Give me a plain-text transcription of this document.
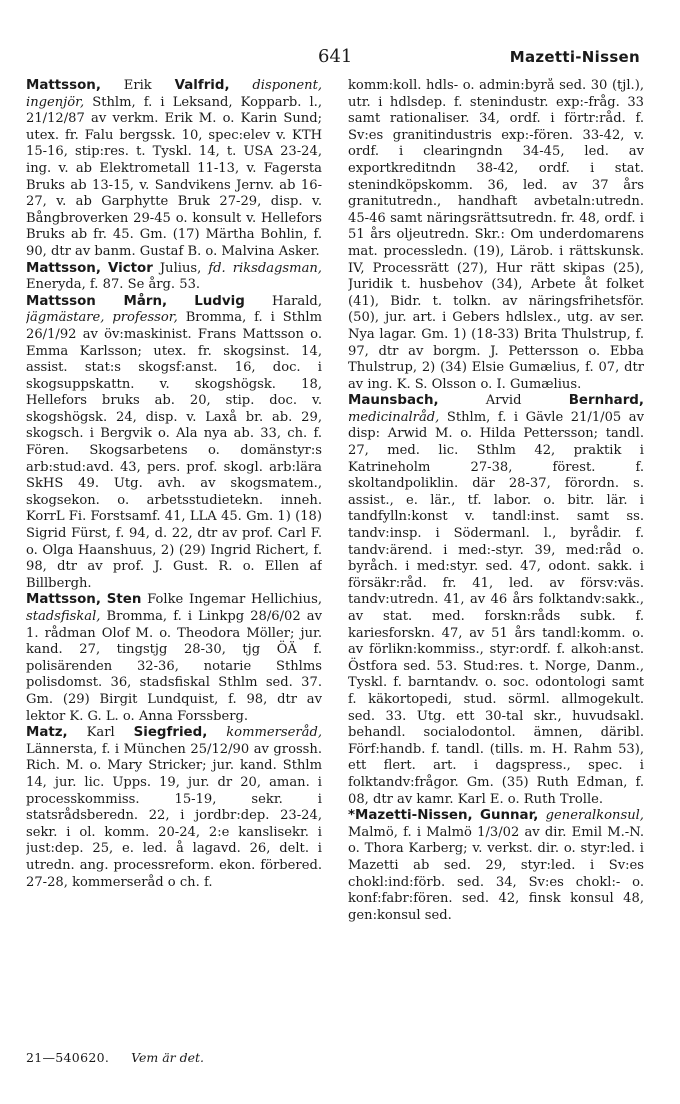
641	Mazetti-Nissen

Mattsson, Erik Valfrid, disponent, ingenjör, Sthlm, f. i Leksand, Kopparb. l., 21/12/87 av verkm. Erik M. o. Karin Sund; utex. fr. Falu bergssk. 10, spec:elev v. KTH 15-16, stip:res. t. Tyskl. 14, t. USA 23-24, ing. v. ab Elektrometall 11-13, v. Fagersta Bruks ab 13-15, v. Sandvikens Jernv. ab 16-27, v. ab Garphytte Bruk 27-29, disp. v. Bångbroverken 29-45 o. konsult v. Hellefors Bruks ab fr. 45. Gm. (17) Märtha Bohlin, f. 90, dtr av banm. Gustaf B. o. Malvina Asker.

Mattsson, Victor Julius, fd. riksdagsman, Eneryda, f. 87. Se årg. 53.

Mattsson Mårn, Ludvig Harald, jägmästare, professor, Bromma, f. i Sthlm 26/1/92 av öv:maskinist. Frans Mattsson o. Emma Karlsson; utex. fr. skogsinst. 14, assist. stat:s skogsf:anst. 16, doc. i skogsuppskattn. v. skogshögsk. 18, Hellefors bruks ab. 20, stip. doc. v. skogshögsk. 24, disp. v. Laxå br. ab. 29, skogsch. i Bergvik o. Ala nya ab. 33, ch. f. Fören. Skogsarbetens o. domänstyr:s arb:stud:avd. 43, pers. prof. skogl. arb:lära SkHS 49. Utg. avh. av skogsmatem., skogsekon. o. arbetsstudietekn. inneh. KorrL Fi. Forstsamf. 41, LLA 45. Gm. 1) (18) Sigrid Fürst, f. 94, d. 22, dtr av prof. Carl F. o. Olga Haanshuus, 2) (29) Ingrid Richert, f. 98, dtr av prof. J. Gust. R. o. Ellen af Billbergh.

Mattsson, Sten Folke Ingemar Hellichius, stadsfiskal, Bromma, f. i Linkpg 28/6/02 av 1. rådman Olof M. o. Theodora Möller; jur. kand. 27, tingstjg 28-30, tjg ÖÄ f. polisärenden 32-36, notarie Sthlms polisdomst. 36, stadsfiskal Sthlm sed. 37. Gm. (29) Birgit Lundquist, f. 98, dtr av lektor K. G. L. o. Anna Forssberg.

Matz, Karl Siegfried, kommerseråd, Lännersta, f. i München 25/12/90 av grossh. Rich. M. o. Mary Stricker; jur. kand. Sthlm 14, jur. lic. Upps. 19, jur. dr 20, aman. i processkommiss. 15-19, sekr. i statsrådsberedn. 22, i jordbr:dep. 23-24, sekr. i ol. komm. 20-24, 2:e kanslisekr. i just:dep. 25, e. led. å lagavd. 26, delt. i utredn. ang. processreform. ekon. förbered. 27-28, kommerseråd o ch. f.

komm:koll. hdls- o. admin:byrå sed. 30 (tjl.), utr. i hdlsdep. f. stenindustr. exp:-fråg. 33 samt rationaliser. 34, ordf. i förtr:råd. f. Sv:es granitindustris exp:-fören. 33-42, v. ordf. i clearingndn 34-45, led. av exportkreditndn 38-42, ordf. i stat. stenindköpskomm. 36, led. av 37 års granitutredn., handhaft avbetaln:utredn. 45-46 samt näringsrättsutredn. fr. 48, ordf. i 51 års oljeutredn. Skr.: Om underdomarens mat. processledn. (19), Lärob. i rättskunsk. IV, Processrätt (27), Hur rätt skipas (25), Juridik t. husbehov (34), Arbete åt folket (41), Bidr. t. tolkn. av näringsfrihetsför. (50), jur. art. i Gebers hdlslex., utg. av ser. Nya lagar. Gm. 1) (18-33) Brita Thulstrup, f. 97, dtr av borgm. J. Pettersson o. Ebba Thulstrup, 2) (34) Elsie Gumælius, f. 07, dtr av ing. K. S. Olsson o. I. Gumælius.

Maunsbach,	Arvid	Bernhard, medicinalråd, Sthlm, f. i Gävle 21/1/05 av disp: Arwid M. o. Hilda Pettersson; tandl. 27, med. lic. Sthlm 42, praktik i Katrineholm 27-38, förest. f. skoltandpoliklin. där 28-37, förordn. s. assist., e. lär., tf. labor. o. bitr. lär. i tandfylln:konst v. tandl:inst. samt ss. tandv:insp. i Södermanl. l., byrådir. f. tandv:ärend. i med:-styr. 39, med:råd o. byråch. i med:styr. sed. 47, odont. sakk. i försäkr:råd. fr. 41, led. av försv:väs. tandv:utredn. 41, av 46 års folktandv:sakk., av stat. med. forskn:råds subk. f. kariesforskn. 47, av 51 års tandl:komm. o. av förlikn:kommiss., styr:ordf. f. alkoh:anst. Östfora sed. 53. Stud:res. t. Norge, Danm., Tyskl. f. barntandv. o. soc. odontologi samt f. käkortopedi, stud. sörml. allmogekult. sed. 33. Utg. ett 30-tal skr., huvudsakl. behandl. socialodontol. ämnen, däribl. Förf:handb. f. tandl. (tills. m. H. Rahm 53), ett flert. art. i dagspress., spec. i folktandv:frågor. Gm. (35) Ruth Edman, f. 08, dtr av kamr. Karl E. o. Ruth Trolle.

*Mazetti-Nissen, Gunnar, generalkonsul, Malmö, f. i Malmö 1/3/02 av dir. Emil M.-N. o. Thora Karberg; v. verkst. dir. o. styr:led. i Mazetti ab sed. 29, styr:led. i Sv:es chokl:ind:förb. sed. 34, Sv:es chokl:- o. konf:fabr:fören. sed. 42, finsk konsul 48, gen:konsul sed.

21—540620. Vem är det.
